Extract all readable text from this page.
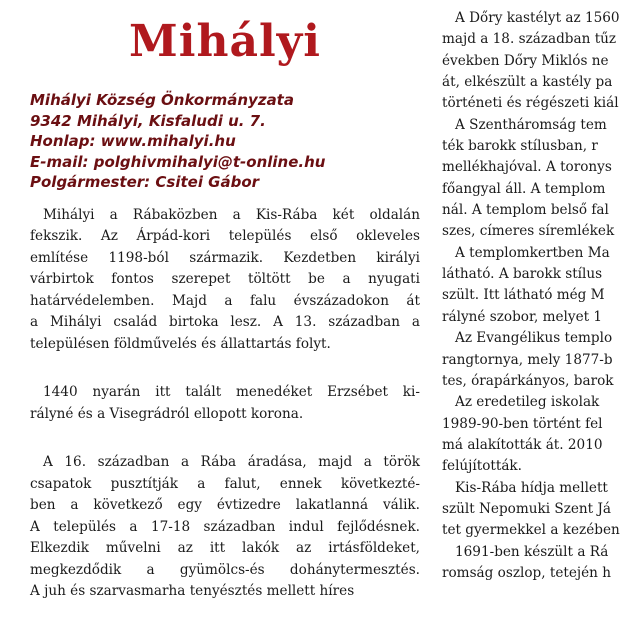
Mihályi
Mihályi Község Önkormányzata
9342 Mihályi, Kisfaludi u. 7.
Honlap: www.mihalyi.hu
E-mail: polghivmihalyi@t-online.hu
Polgármester: Csitei Gábor
Mihályi a Rábaközben a Kis-Rába két oldalán
fekszik. Az Árpád-kori település első okleveles
említése 1198-ból származik. Kezdetben királyi
várbirtok fontos szerepet töltött be a nyugati
határvédelemben. Majd a falu évszázadokon át
a Mihályi család birtoka lesz. A 13. században a
településen földművelés és állattartás folyt.
1440 nyarán itt talált menedéket Erzsébet ki-
rályné és a Visegrádról ellopott korona.
A 16. században a Rába áradása, majd a török
csapatok pusztítják a falut, ennek következté-
ben a következő egy évtizedre lakatlanná válik.
A település a 17-18 században indul fejlődésnek.
Elkezdik művelni az itt lakók az irtásföldeket,
megkezdődik a gyümölcs-és dohánytermesztés.
A juh és szarvasmarha tenyésztés mellett híres
A Dőry kastélyt az 1560
majd a 18. században tűz
években Dőry Miklós ne
át, elkészült a kastély pa
történeti és régészeti kiál
A Szentháromság tem
ték barokk stílusban, r
mellékhajóval. A toronys
főangyal áll. A templom
nál. A templom belső fal
szes, címeres síremlékek
A templomkertben Ma
látható. A barokk stílus
szült. Itt látható még M
rályné szobor, melyet 1
Az Evangélikus templo
rangtornya, mely 1877-b
tes, órapárkányos, barok
Az eredetileg iskolak
1989-90-ben történt fel
má alakították át. 2010
felújították.
Kis-Rába hídja mellett
szült Nepomuki Szent Já
tet gyermekkel a kezében
1691-ben készült a Rá
romság oszlop, tetején h
